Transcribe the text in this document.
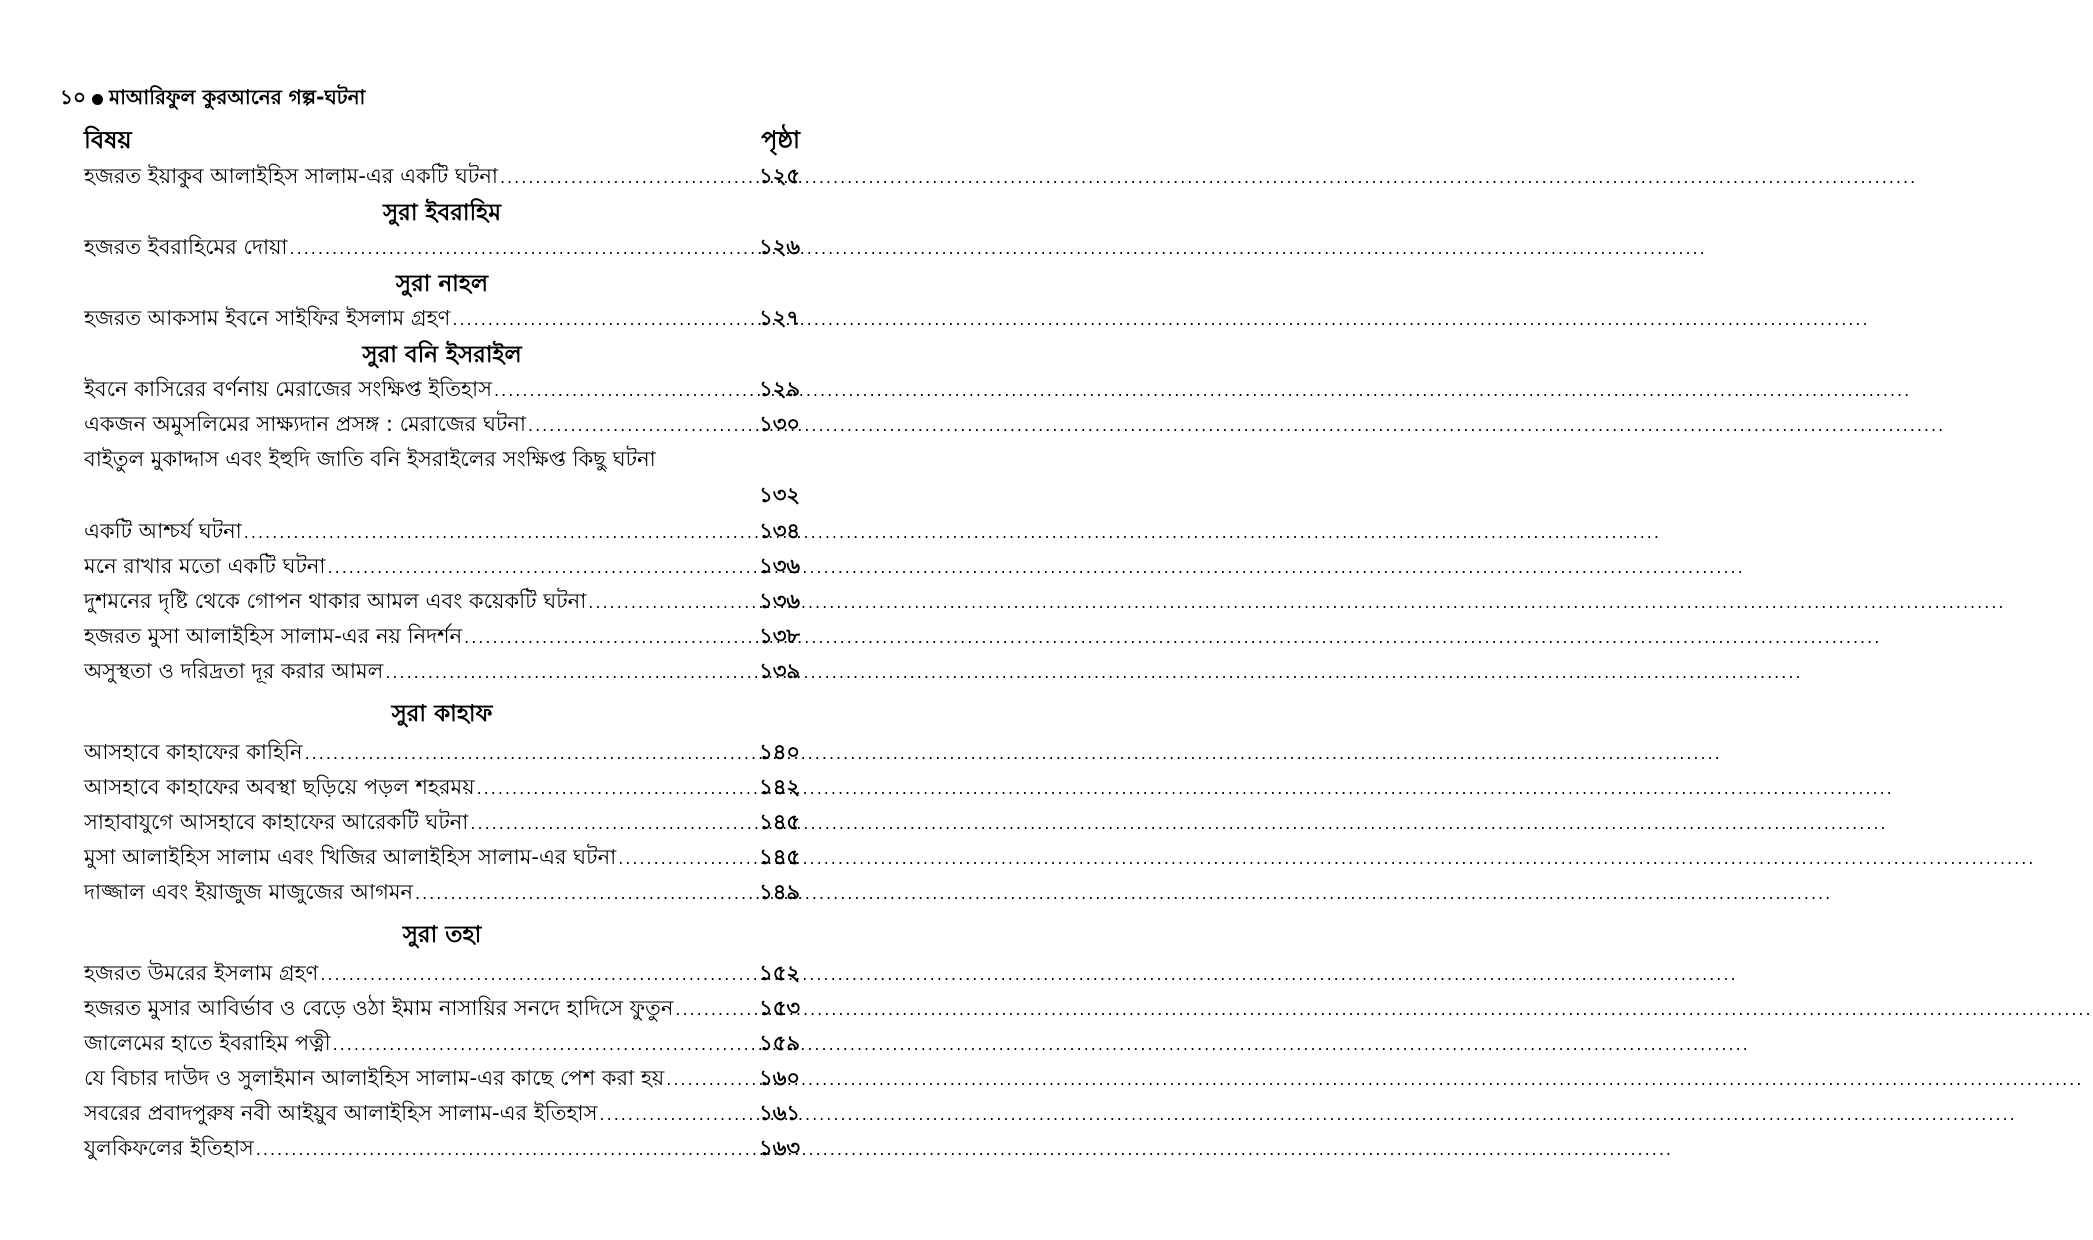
১০ মাআরিফুল কুরআনের গল্প-ঘটনা
বিষয়	পৃষ্ঠা
হজরত ইয়াকুব আলাইহিস সালাম-এর একটি ঘটনা .....	১২৫
সুরা ইবরাহিম
হজরত ইবরাহিমের দোয়া .....	১২৬
সুরা নাহল
হজরত আকসাম ইবনে সাইফির ইসলাম গ্রহণ .....	১২৭
সুরা বনি ইসরাইল
ইবনে কাসিরের বর্ণনায় মেরাজের সংক্ষিপ্ত ইতিহাস .....	১২৯
একজন অমুসলিমের সাক্ষ্যদান প্রসঙ্গ : মেরাজের ঘটনা .....	১৩০
বাইতুল মুকাদ্দাস এবং ইহুদি জাতি বনি ইসরাইলের সংক্ষিপ্ত কিছু ঘটনা
১৩২
একটি আশ্চর্য ঘটনা .....	১৩৪
মনে রাখার মতো একটি ঘটনা .....	১৩৬
দুশমনের দৃষ্টি থেকে গোপন থাকার আমল এবং কয়েকটি ঘটনা .....	১৩৬
হজরত মুসা আলাইহিস সালাম-এর নয় নিদর্শন .....	১৩৮
অসুস্থতা ও দরিদ্রতা দূর করার আমল .....	১৩৯
সুরা কাহাফ
আসহাবে কাহাফের কাহিনি .....	১৪০
আসহাবে কাহাফের অবস্থা ছড়িয়ে পড়ল শহরময় .....	১৪২
সাহাবাযুগে আসহাবে কাহাফের আরেকটি ঘটনা .....	১৪৫
মুসা আলাইহিস সালাম এবং খিজির আলাইহিস সালাম-এর ঘটনা .....	১৪৫
দাজ্জাল এবং ইয়াজুজ মাজুজের আগমন .....	১৪৯
সুরা তহা
হজরত উমরের ইসলাম গ্রহণ .....	১৫২
হজরত মুসার আবির্ভাব ও বেড়ে ওঠা ইমাম নাসায়ির সনদে হাদিসে ফুতুন .....	১৫৩
জালেমের হাতে ইবরাহিম পত্নী .....	১৫৯
যে বিচার দাউদ ও সুলাইমান আলাইহিস সালাম-এর কাছে পেশ করা হয় .....	১৬০
সবরের প্রবাদপুরুষ নবী আইয়ুব আলাইহিস সালাম-এর ইতিহাস .....	১৬১
যুলকিফলের ইতিহাস .....	১৬৩
